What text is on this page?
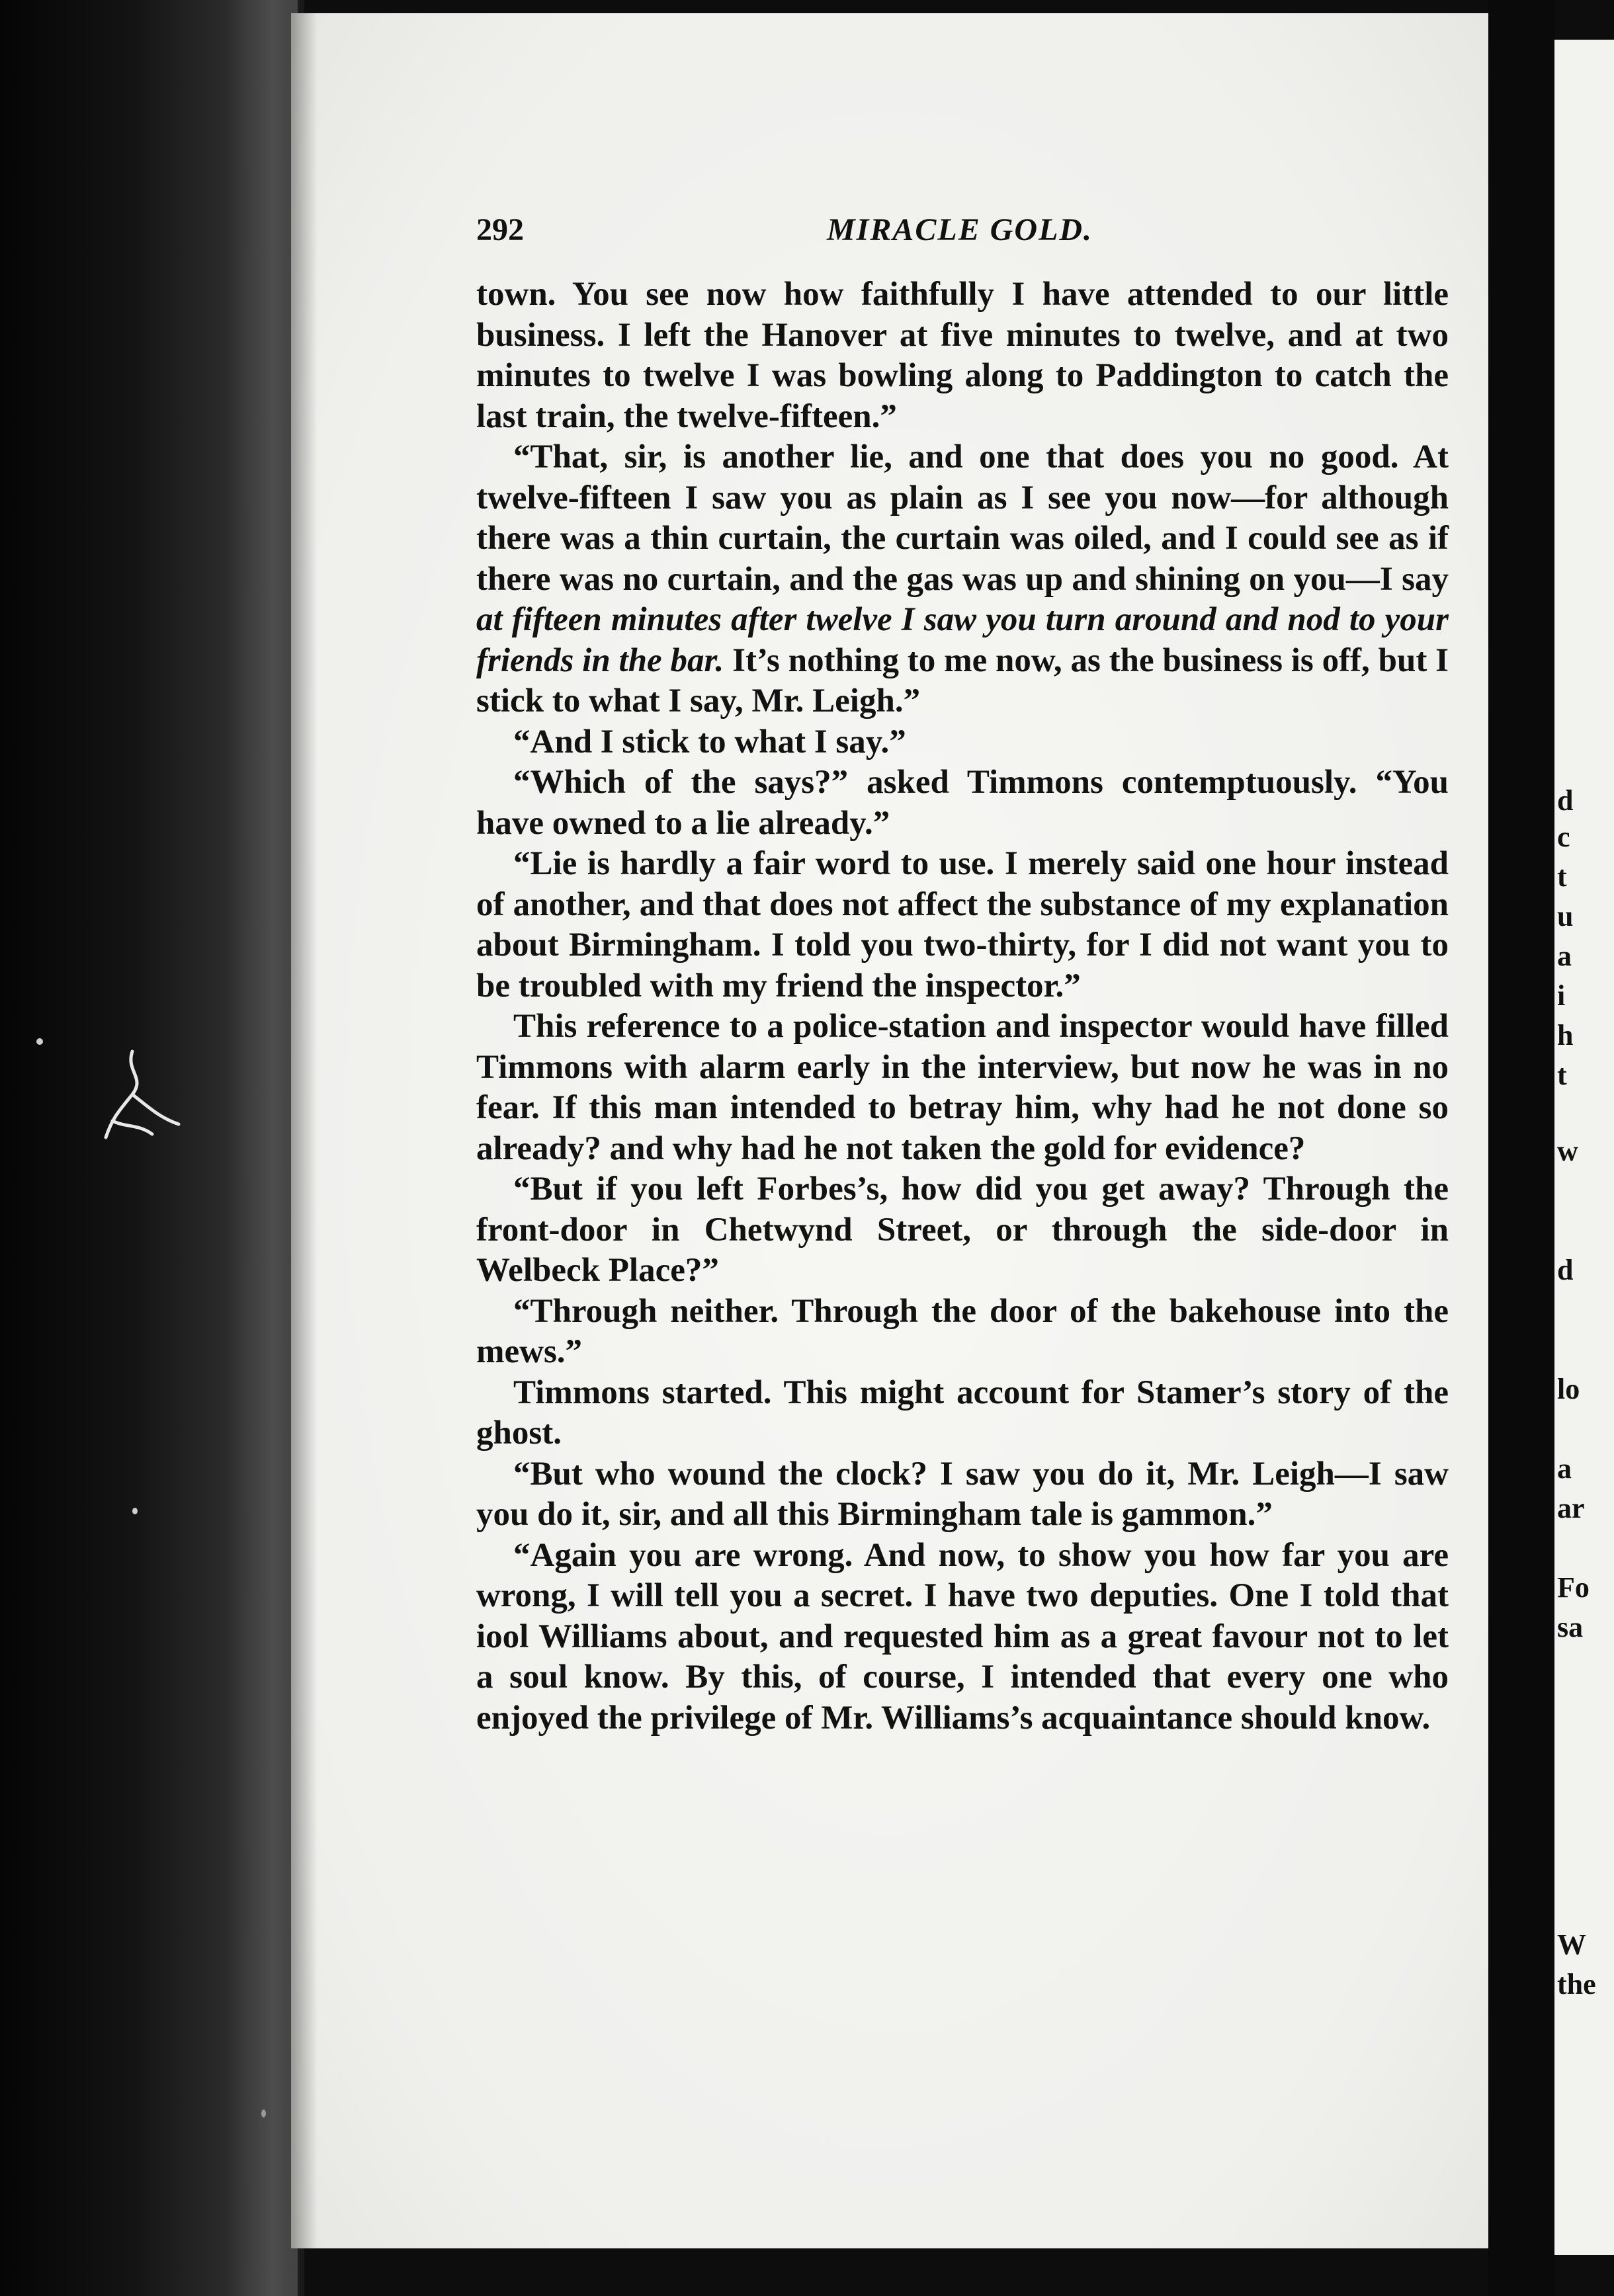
d
c
t
u
a
i
h
t
w
d
lo
a
ar
Fo
sa
W
the
292	MIRACLE GOLD.

town. You see now how faithfully I have attended to our little business. I left the Hanover at five minutes to twelve, and at two minutes to twelve I was bowling along to Paddington to catch the last train, the twelve-fifteen.”

“That, sir, is another lie, and one that does you no good. At twelve-fifteen I saw you as plain as I see you now—for although there was a thin curtain, the curtain was oiled, and I could see as if there was no curtain, and the gas was up and shining on you—I say at fifteen minutes after twelve I saw you turn around and nod to your friends in the bar. It’s nothing to me now, as the business is off, but I stick to what I say, Mr. Leigh.”

“And I stick to what I say.”

“Which of the says?” asked Timmons contemptuously. “You have owned to a lie already.”

“Lie is hardly a fair word to use. I merely said one hour instead of another, and that does not affect the substance of my explanation about Birmingham. I told you two-thirty, for I did not want you to be troubled with my friend the inspector.”

This reference to a police-station and inspector would have filled Timmons with alarm early in the interview, but now he was in no fear. If this man intended to betray him, why had he not done so already? and why had he not taken the gold for evidence?

“But if you left Forbes’s, how did you get away? Through the front-door in Chetwynd Street, or through the side-door in Welbeck Place?”

“Through neither. Through the door of the bakehouse into the mews.”

Timmons started. This might account for Stamer’s story of the ghost.

“But who wound the clock? I saw you do it, Mr. Leigh—I saw you do it, sir, and all this Birmingham tale is gammon.”

“Again you are wrong. And now, to show you how far you are wrong, I will tell you a secret. I have two deputies. One I told that iool Williams about, and requested him as a great favour not to let a soul know. By this, of course, I intended that every one who enjoyed the privilege of Mr. Williams’s acquaintance should know.
